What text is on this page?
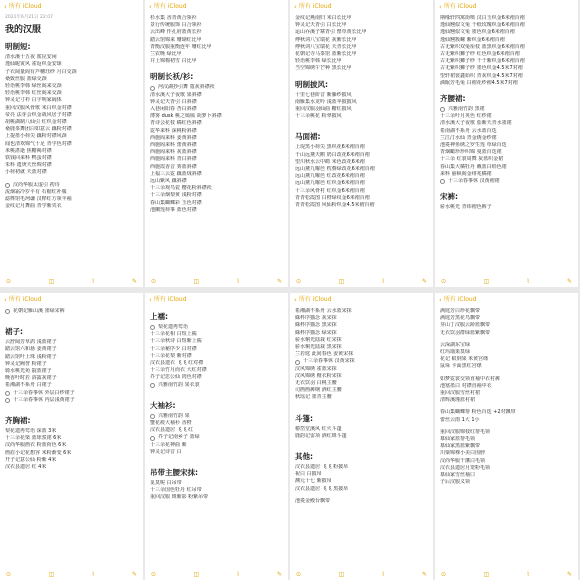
‹ 所有 iCloud
2021年6月21日 22:07
我的汉服
明制短:
清水溪十五夜 鲨昆安闲
逸仙昵寅风 雀返织金安颂
子衣阔量阁有芦穗珏纱 月白交颈
桑致丝服 蓝绿交颈
轻语桃李韩 绿丝阁来交颈
轻语桃李韩 红丝阁来交颈
钟灵记寸衿 白字明家阔体
重回汉服风骨歌 米白织金对襟
帝亮 法芽会织金战风居子对襟
胡桃湖制八仙引 红织金对襟
桑鹿茶舞团白如意云 藕粉对襟
上提墨小荷尖 藕粉对襟风颈
闻也清欢锦气十足 青学色对襟
米桃湛逝 焦糖褐对襟
铁钱回来科 鸭蛋对襟
朱科 遗庚天丝绸对襟
小荷初就 天蓝对襟
汉尚华服太虚引 初诗
流烟霜冷岁平有 石榴红补服
滤桦馆毛珂谦 汉桦红方领半袖
金纹记月舞曲 青学紫夹衣
⊙	◫	⌇	✎
‹ 所有 iCloud
杉水集 香青黄合领衫
景行传统服饰 白合领衫
云出峰 作孔府蓝黄长衫
踏云馆锦来 珊瑚红比甲
青衡汉服重衡连年 珊红比甲
兰农晚 绿比甲
并上锦棉初雪 白比甲
明制长袄/衫:
河汉湖抄引舞 蔻灰斜襟袄
清水溪大子夜歌 果斜襟
钟灵记天青引 白斜襟
入巷闲阳春 杏白斜襟
薄雾 dusk 桃之嫣嫣 胡萝卜斜襟
青诗会花枝 橘红色斜襟
霓华来科 深桃粉斜襟
西施阁来科 姜黄斜襟
西施阁来科 蕾黄斜襟
西施阁来科 灰蓝斜襟
西施阁来科 青白斜襟
西施霞香音 雾蓝斜襟
上福三云霓 藕蓝绒斜襟
远山紫风 藕斜襟
十三余观鸟瓷 樱花粉斜襟袄
十三余烟梨黄 浅粉对襟
春山集蝴蝶彩 玉色对襟
池蘭莲荷事 蓝色对襟
⊙	◫	⌇	✎
‹ 所有 iCloud
金纹记燕南归 米白长比甲
钟灵记天青引 白长比甲
运山乔溪子寨青引 罂草黄长比甲
傅秋词八宝瑞花 灰紫长比甲
傅秋词八宝瑞花 天青长比甲
花朝记寺马茶馆 蓝紫长比甲
轻语桃李韩 绿长比甲
当空锦绣午芒种 黑长比甲
明制披风:
十里七巷阶音 紫藤纱披风
南雁集水龙吟 浅蓝苹披披风
重回汉服羽仙曲 糖红披风
十三余桃花 粉翠披风
马面裙:
上堤黑小荷尖 黑织花6米褶百褶
千山远黛天鹅 奶白改花6米褶百褶
望川秋水云中鹤 米色改花6米褶
远山黛九曜芭 枕叠绿改花6米褶百褶
远山黛九曜芭 红改花6米褶百褶
远山黛九曜芭 红织金6米褶百褶
十三余风骨衬 红织金6米褶百褶
青青松霞图 白橙绿纹金6米褶百褶
青青松霞图 风仙粉织金4.5米褶百褶
⊙	◫	⌇	✎
‹ 所有 iCloud
期缘轩四寓街喷 汉白玉织金6米褶百褶
逸仙翘似文兔 千纸玫瑰织金6米褶百褶
逸仙翘似文兔 墨色织金6米褶百褶
逸仙翘簇螺 紫织金6米褶百褶
古无紫织双兔衔枝 蓝黑织金6米褶百褶
古无紫织狮子纱 红色织金6米褶百褶
古无紫织狮子纱 千千紫织金6米褶百褶
古无紫织狮子纱 墨色织金4.5米7对褶
望轩裙裳鑫始织 青灰织金4.5米7对褶
滴眠芳毛兔 白褶花纱褶4.5米7对褶
齐腰裙:
兴雅南竹韵 黑裙
十三余叶月英色 红纱裙
清水溪大子夜歌 茄紫天青水墨裙
希南湖不系舟 云水蓝百迭
兰江汀水仙 青金绣金纱裙
池菱神鱼绣之罗生莲 草绿百迭
青烟瞰珍珍织锦 曼蓝百迭裙
十三余 红裳周舞 灰蓝织金裙
春山集大橘牡丹 戴蓝白绢色裙
来科 丽顿阁金绯兆橘裙
十三余春事休 汉黄褶裙
宋裤:
骄水桃光 青纬褶色裤子
⊙	◫	⌇	✎
‹ 所有 iCloud
花朝记雁山溪 墨绿宋裤
裙子:
云舒阔芳草鸽 浅蓝裙子
踏云馆六和悬 姜黄裙子
踏云馆叶上珠 浅粉裙子
钟灵记阙誉 粉裙子
骑水桃光苑 靛蓝裙子
晚香叶时若 浴露灰裙子
希湘湖不系舟 白裙子
十三余春事休 外层白纱裙子
十三余春事休 内层浅黄裙子
齐胸裙:
梨花遗再莺语 深蓝 3米
十三余花梁 蓝球浆裙 6米
汉尚华服画衣 粉蓝荷色 6米
画眉小记花想容 米粉渐变 6米
开子记意公仙 粉紫 4米
汉衣县遗居 红 4米
⊙	◫	⌇	✎
‹ 所有 iCloud
上襦:
梨花遗再莺语
十三余花相 白短上襦
十三余秋诗 白短紫上襦
十三余秘序少 白对襟
十三余花梨 紫对襟
汉衣县遗衣 飞飞 红对襟
十三余竹月而衣 大红对襟
芥子记思公仙 肉色对襟
兴雅南竹韵 果衣裳
大袖衫:
兴雅南竹韵 果
蟹花痕大袖衫 香橙
汉衣县遗居 飞飞 红
芥子记南乡子 蓝绿
十三余花神曲 紫
钟灵记诗音 白
吊带主腰宋抹:
觅莫呢 白吊带
十三余国色牡丹 红吊带
重回汉服 斑紫影 粉紫吊带
⊙	◫	⌇	✎
‹ 所有 iCloud
希湘湖不系舟 云水蓝宋抹
綠杯序猫念 灰宋抹
綠杯序猫念 黑宋抹
綠杯序猫念 绿宋抹
骄水桐光陆栽 红宋抹
骄水桐光陆栽 黑宋抹
兰若庭 此间春色 姜黄宋抹
十三余春事休 汉黄宋抹
汉风锦绣 雀蓝宋抹
汉风锦绣 檀衣粉宋抹
无衣饮羽 白桃主腰
司画画裤纲 酒红主腰
秋瑶记 墨青主腰
斗篷:
椿岱堂溪风 红火斗篷
鹿韵记雷项 酒红斑斗篷
其他:
汉衣县遗居 飞飞 粉披帛
祝白 白披帛
渊元十七 紫披帛
汉衣县遗居 飞飞 黑披帛
池菱金殿台飘带
⊙	◫	⌇	✎
‹ 所有 iCloud
满庭芳白珍花飘带
满庭芳黑花鸟飘带
芽山丁汉服云龄蓝飘带
无衣饮羽群绿蓝紫飘带
云深湖东宝绿
红玛瑙果莫绿
花记 蚁倒果 米黄宫绦
鼠垛 卡面黑红宫绦
如梦霓裳交领直袖中衣衬裤
池塞墨白 对襟直袖中衣
重回汉服雪丝衬裙
清辉溪瑾蓝衬裙
春山集蝴蝶帮 粉色百迭 +2对飘带
蕾丝云雨 1大 1小
重回汉服锦枝红帮毛领
慕仙家蓝帮毛领
慕仙家黑蓝紫飘带
川粟锦裸小美白围脖
汉尚华服干藩白毛领
汉衣县遗居月笼粉毛领
慕仙家雪丝袖口
子后汉服义领
⊙	◫	⌇	✎
